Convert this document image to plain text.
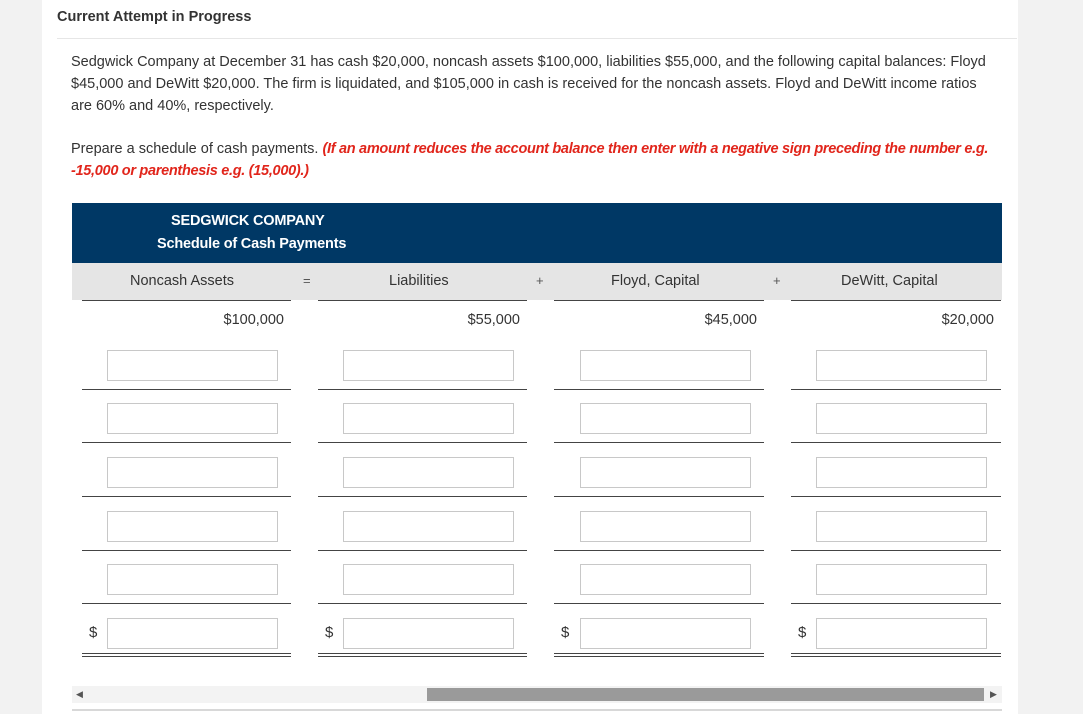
Current Attempt in Progress
Sedgwick Company at December 31 has cash $20,000, noncash assets $100,000, liabilities $55,000, and the following capital balances: Floyd $45,000 and DeWitt $20,000. The firm is liquidated, and $105,000 in cash is received for the noncash assets. Floyd and DeWitt income ratios are 60% and 40%, respectively.
Prepare a schedule of cash payments. (If an amount reduces the account balance then enter with a negative sign preceding the number e.g. -15,000 or parenthesis e.g. (15,000).)
SEDGWICK COMPANY
Schedule of Cash Payments
Noncash Assets	=	Liabilities	+	Floyd, Capital	+	DeWitt, Capital
$100,000	$55,000	$45,000	$20,000
$	$	$	$
◀	▶
